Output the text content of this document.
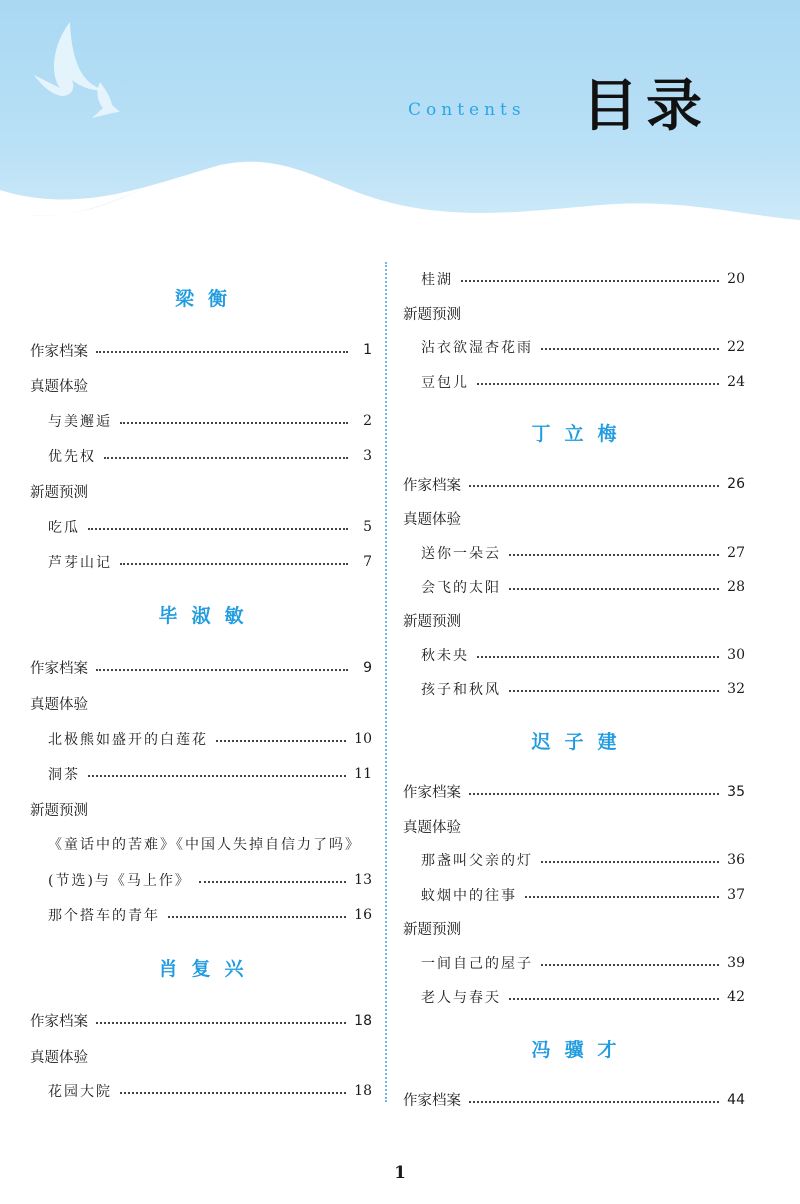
Contents 目录
梁衡
作家档案	1
真题体验
与美邂逅	2
优先权	3
新题预测
吃瓜	5
芦芽山记	7
毕淑敏
作家档案	9
真题体验
北极熊如盛开的白莲花	10
洞茶	11
新题预测
《童话中的苦难》《中国人失掉自信力了吗》
(节选)与《马上作》	13
那个搭车的青年	16
肖复兴
作家档案	18
真题体验
花园大院	18
桂湖	20
新题预测
沾衣欲湿杏花雨	22
豆包儿	24
丁立梅
作家档案	26
真题体验
送你一朵云	27
会飞的太阳	28
新题预测
秋未央	30
孩子和秋风	32
迟子建
作家档案	35
真题体验
那盏叫父亲的灯	36
蚊烟中的往事	37
新题预测
一间自己的屋子	39
老人与春天	42
冯骥才
作家档案	44
1
